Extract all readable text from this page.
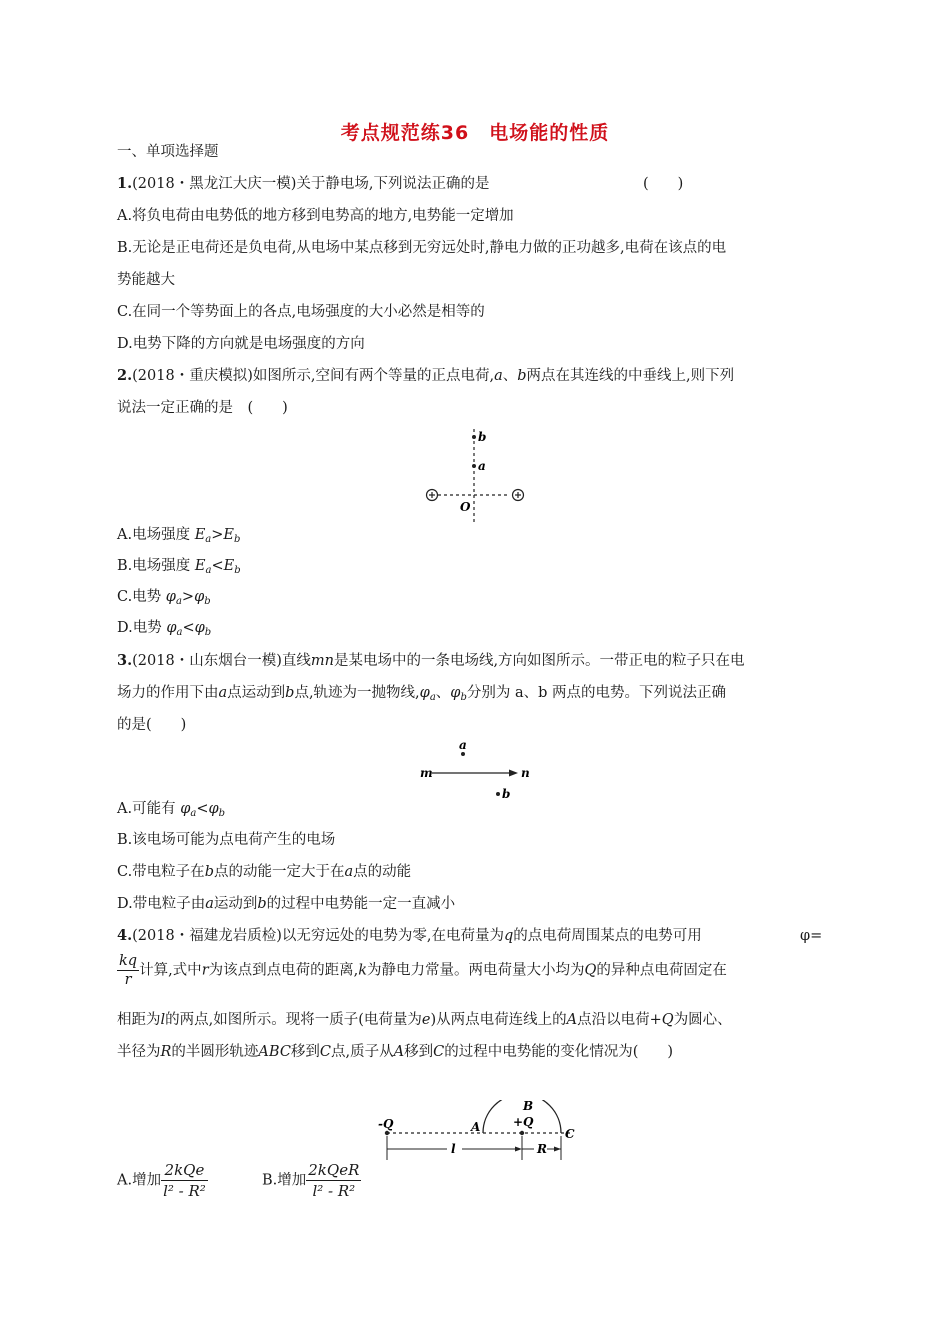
考点规范练36　电场能的性质
一、单项选择题
1.(2018・黑龙江大庆一模)关于静电场,下列说法正确的是	(　　)
A.将负电荷由电势低的地方移到电势高的地方,电势能一定增加
B.无论是正电荷还是负电荷,从电场中某点移到无穷远处时,静电力做的正功越多,电荷在该点的电
势能越大
C.在同一个等势面上的各点,电场强度的大小必然是相等的
D.电势下降的方向就是电场强度的方向
2.(2018・重庆模拟)如图所示,空间有两个等量的正点电荷,a、b两点在其连线的中垂线上,则下列
说法一定正确的是　(　　)
b
a
O
A.电场强度 $E_a>E_b$
B.电场强度 $E_a<E_b$
C.电势 $\varphi_a>\varphi_b$
D.电势 $\varphi_a<\varphi_b$
3.(2018・山东烟台一模)直线mn是某电场中的一条电场线,方向如图所示。一带正电的粒子只在电
场力的作用下由a点运动到b点,轨迹为一抛物线$,\varphi_a$、$\varphi_b$分别为 a、b 两点的电势。下列说法正确
的是(　　)
a
m	n
b
A.可能有 $\varphi_a<\varphi_b$
B.该电场可能为点电荷产生的电场
C.带电粒子在b点的动能一定大于在a点的动能
D.带电粒子由a运动到b的过程中电势能一定一直减小
4.(2018・福建龙岩质检)以无穷远处的电势为零,在电荷量为q的点电荷周围某点的电势可用	φ=
$\frac{kq}{r}$ 计算,式中r为该点到点电荷的距离,k为静电力常量。两电荷量大小均为Q的异种点电荷固定在
相距为l的两点,如图所示。现将一质子(电荷量为e)从两点电荷连线上的A点沿以电荷+Q为圆心、
半径为R的半圆形轨迹ABC移到C点,质子从A移到C的过程中电势能的变化情况为(　　)
-Q	A
B
+Q
C
l	R
A.增加 $\frac{\text{2kQe}}{\text{l² - R²}}$	B.增加 $\frac{\text{2kQeR}}{\text{l² - R²}}$
